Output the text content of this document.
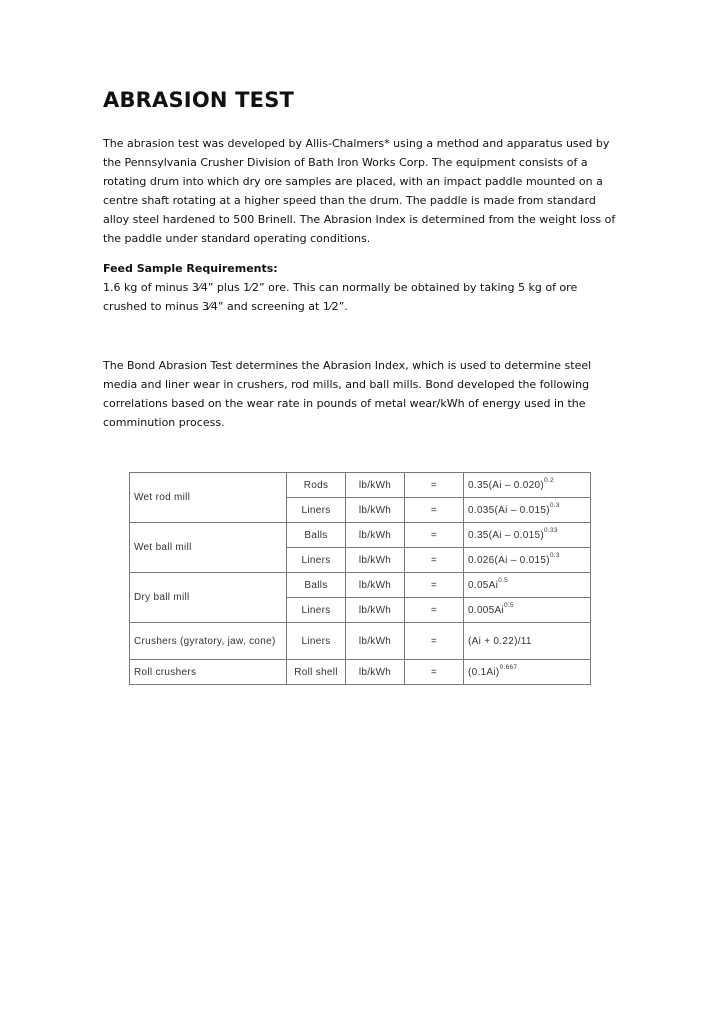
ABRASION TEST

The abrasion test was developed by Allis-Chalmers* using a method and apparatus used by the Pennsylvania Crusher Division of Bath Iron Works Corp. The equipment consists of a rotating drum into which dry ore samples are placed, with an impact paddle mounted on a centre shaft rotating at a higher speed than the drum. The paddle is made from standard alloy steel hardened to 500 Brinell. The Abrasion Index is determined from the weight loss of the paddle under standard operating conditions.

Feed Sample Requirements:
1.6 kg of minus 3⁄4” plus 1⁄2” ore. This can normally be obtained by taking 5 kg of ore crushed to minus 3⁄4” and screening at 1⁄2”.

The Bond Abrasion Test determines the Abrasion Index, which is used to determine steel media and liner wear in crushers, rod mills, and ball mills. Bond developed the following correlations based on the wear rate in pounds of metal wear/kWh of energy used in the comminution process.

Wet rod mill	Rods	lb/kWh	=	0.35(Ai – 0.020)$^{0.2}$
	Liners	lb/kWh	=	0.035(Ai – 0.015)$^{0.3}$
Wet ball mill	Balls	lb/kWh	=	0.35(Ai – 0.015)$^{0.33}$
	Liners	lb/kWh	=	0.026(Ai – 0.015)$^{0.3}$
Dry ball mill	Balls	lb/kWh	=	$0.05Ai^{0.5}$
	Liners	lb/kWh	=	$0.005Ai^{0.5}$
Crushers (gyratory, jaw, cone)	Liners	lb/kWh	=	(Ai + 0.22)/11
Roll crushers	Roll shell	lb/kWh	=	$(0.1Ai)^{0.667}$
